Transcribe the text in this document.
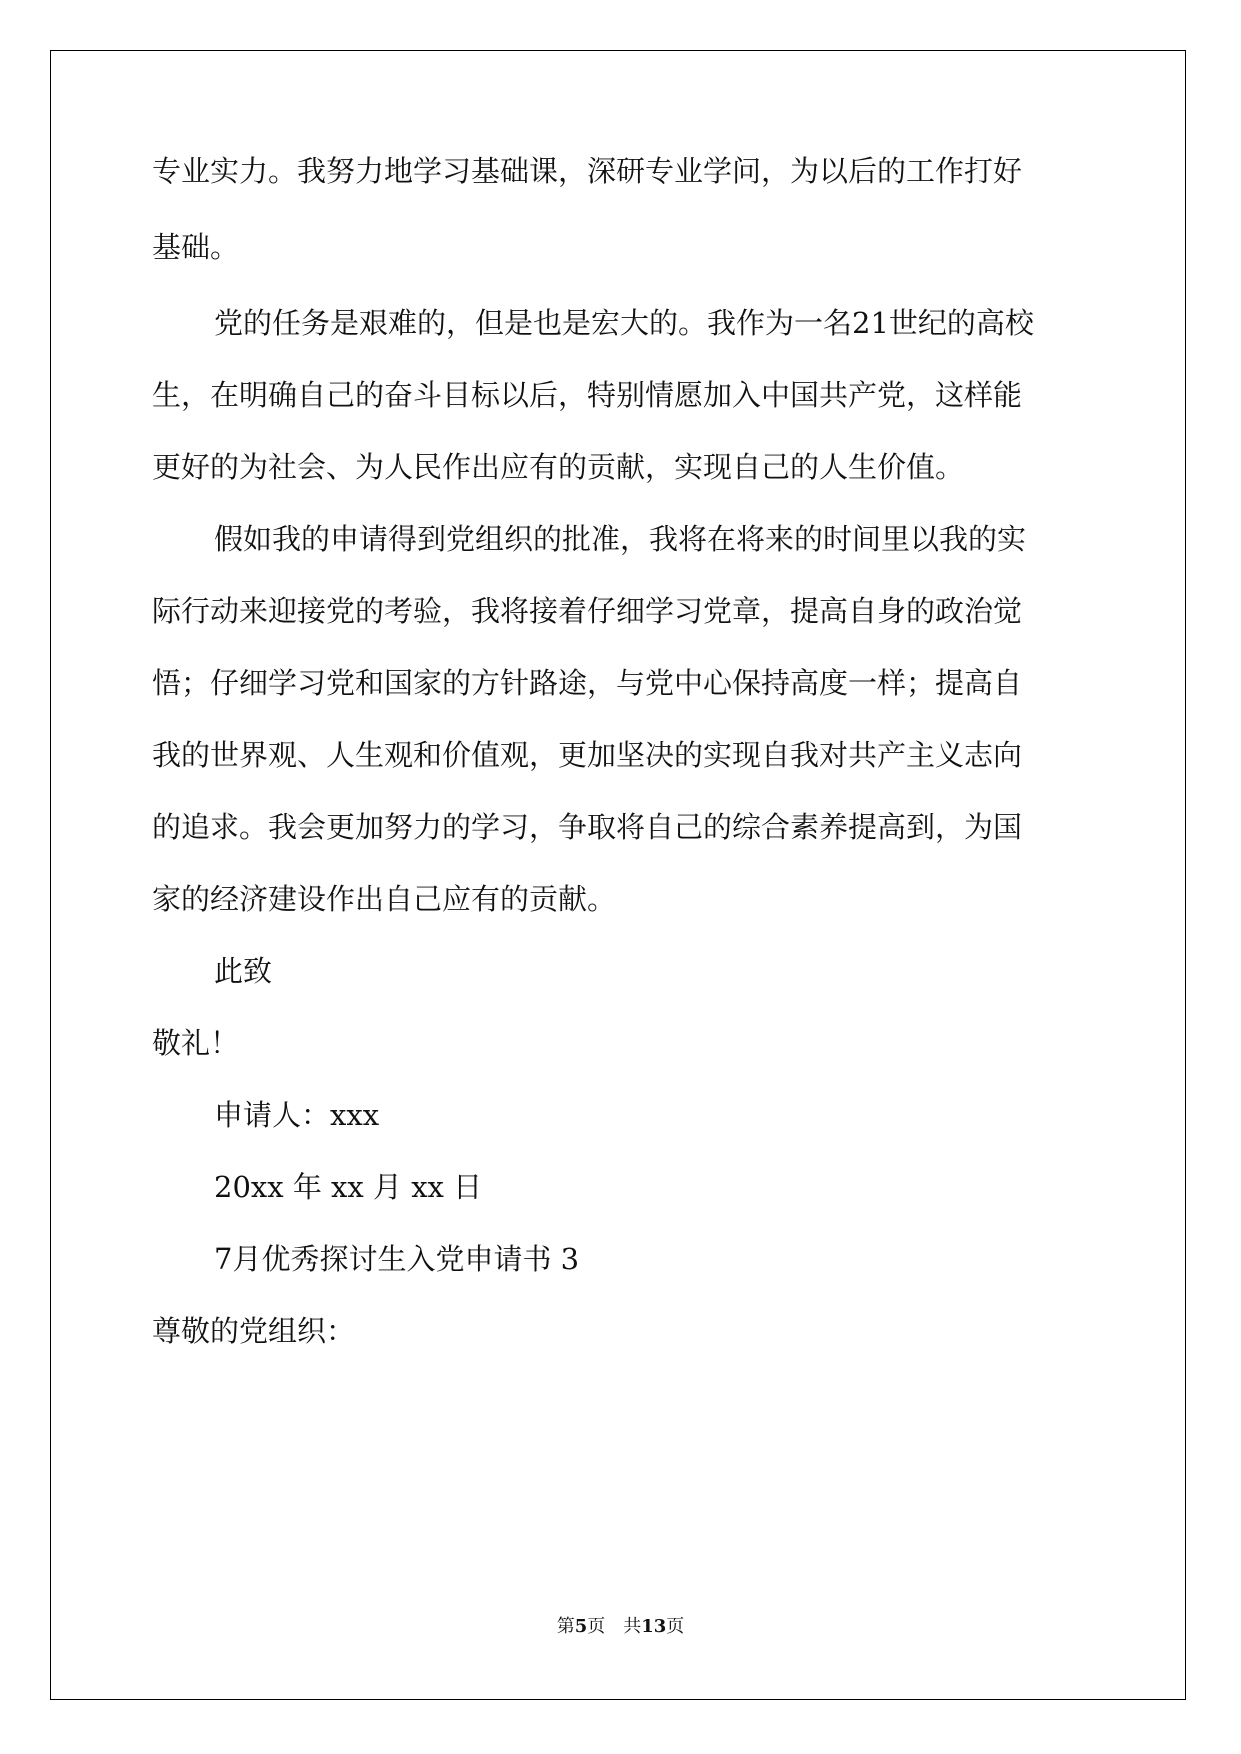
专业实力。我努力地学习基础课，深研专业学问，为以后的工作打好
基础。
党的任务是艰难的，但是也是宏大的。我作为一名21世纪的高校
生，在明确自己的奋斗目标以后，特别情愿加入中国共产党，这样能
更好的为社会、为人民作出应有的贡献，实现自己的人生价值。
假如我的申请得到党组织的批准，我将在将来的时间里以我的实
际行动来迎接党的考验，我将接着仔细学习党章，提高自身的政治觉
悟；仔细学习党和国家的方针路途，与党中心保持高度一样；提高自
我的世界观、人生观和价值观，更加坚决的实现自我对共产主义志向
的追求。我会更加努力的学习，争取将自己的综合素养提高到，为国
家的经济建设作出自己应有的贡献。
此致
敬礼！
申请人：xxx
20xx 年 xx 月 xx 日
7月优秀探讨生入党申请书 3
尊敬的党组织：
第5页　共13页
